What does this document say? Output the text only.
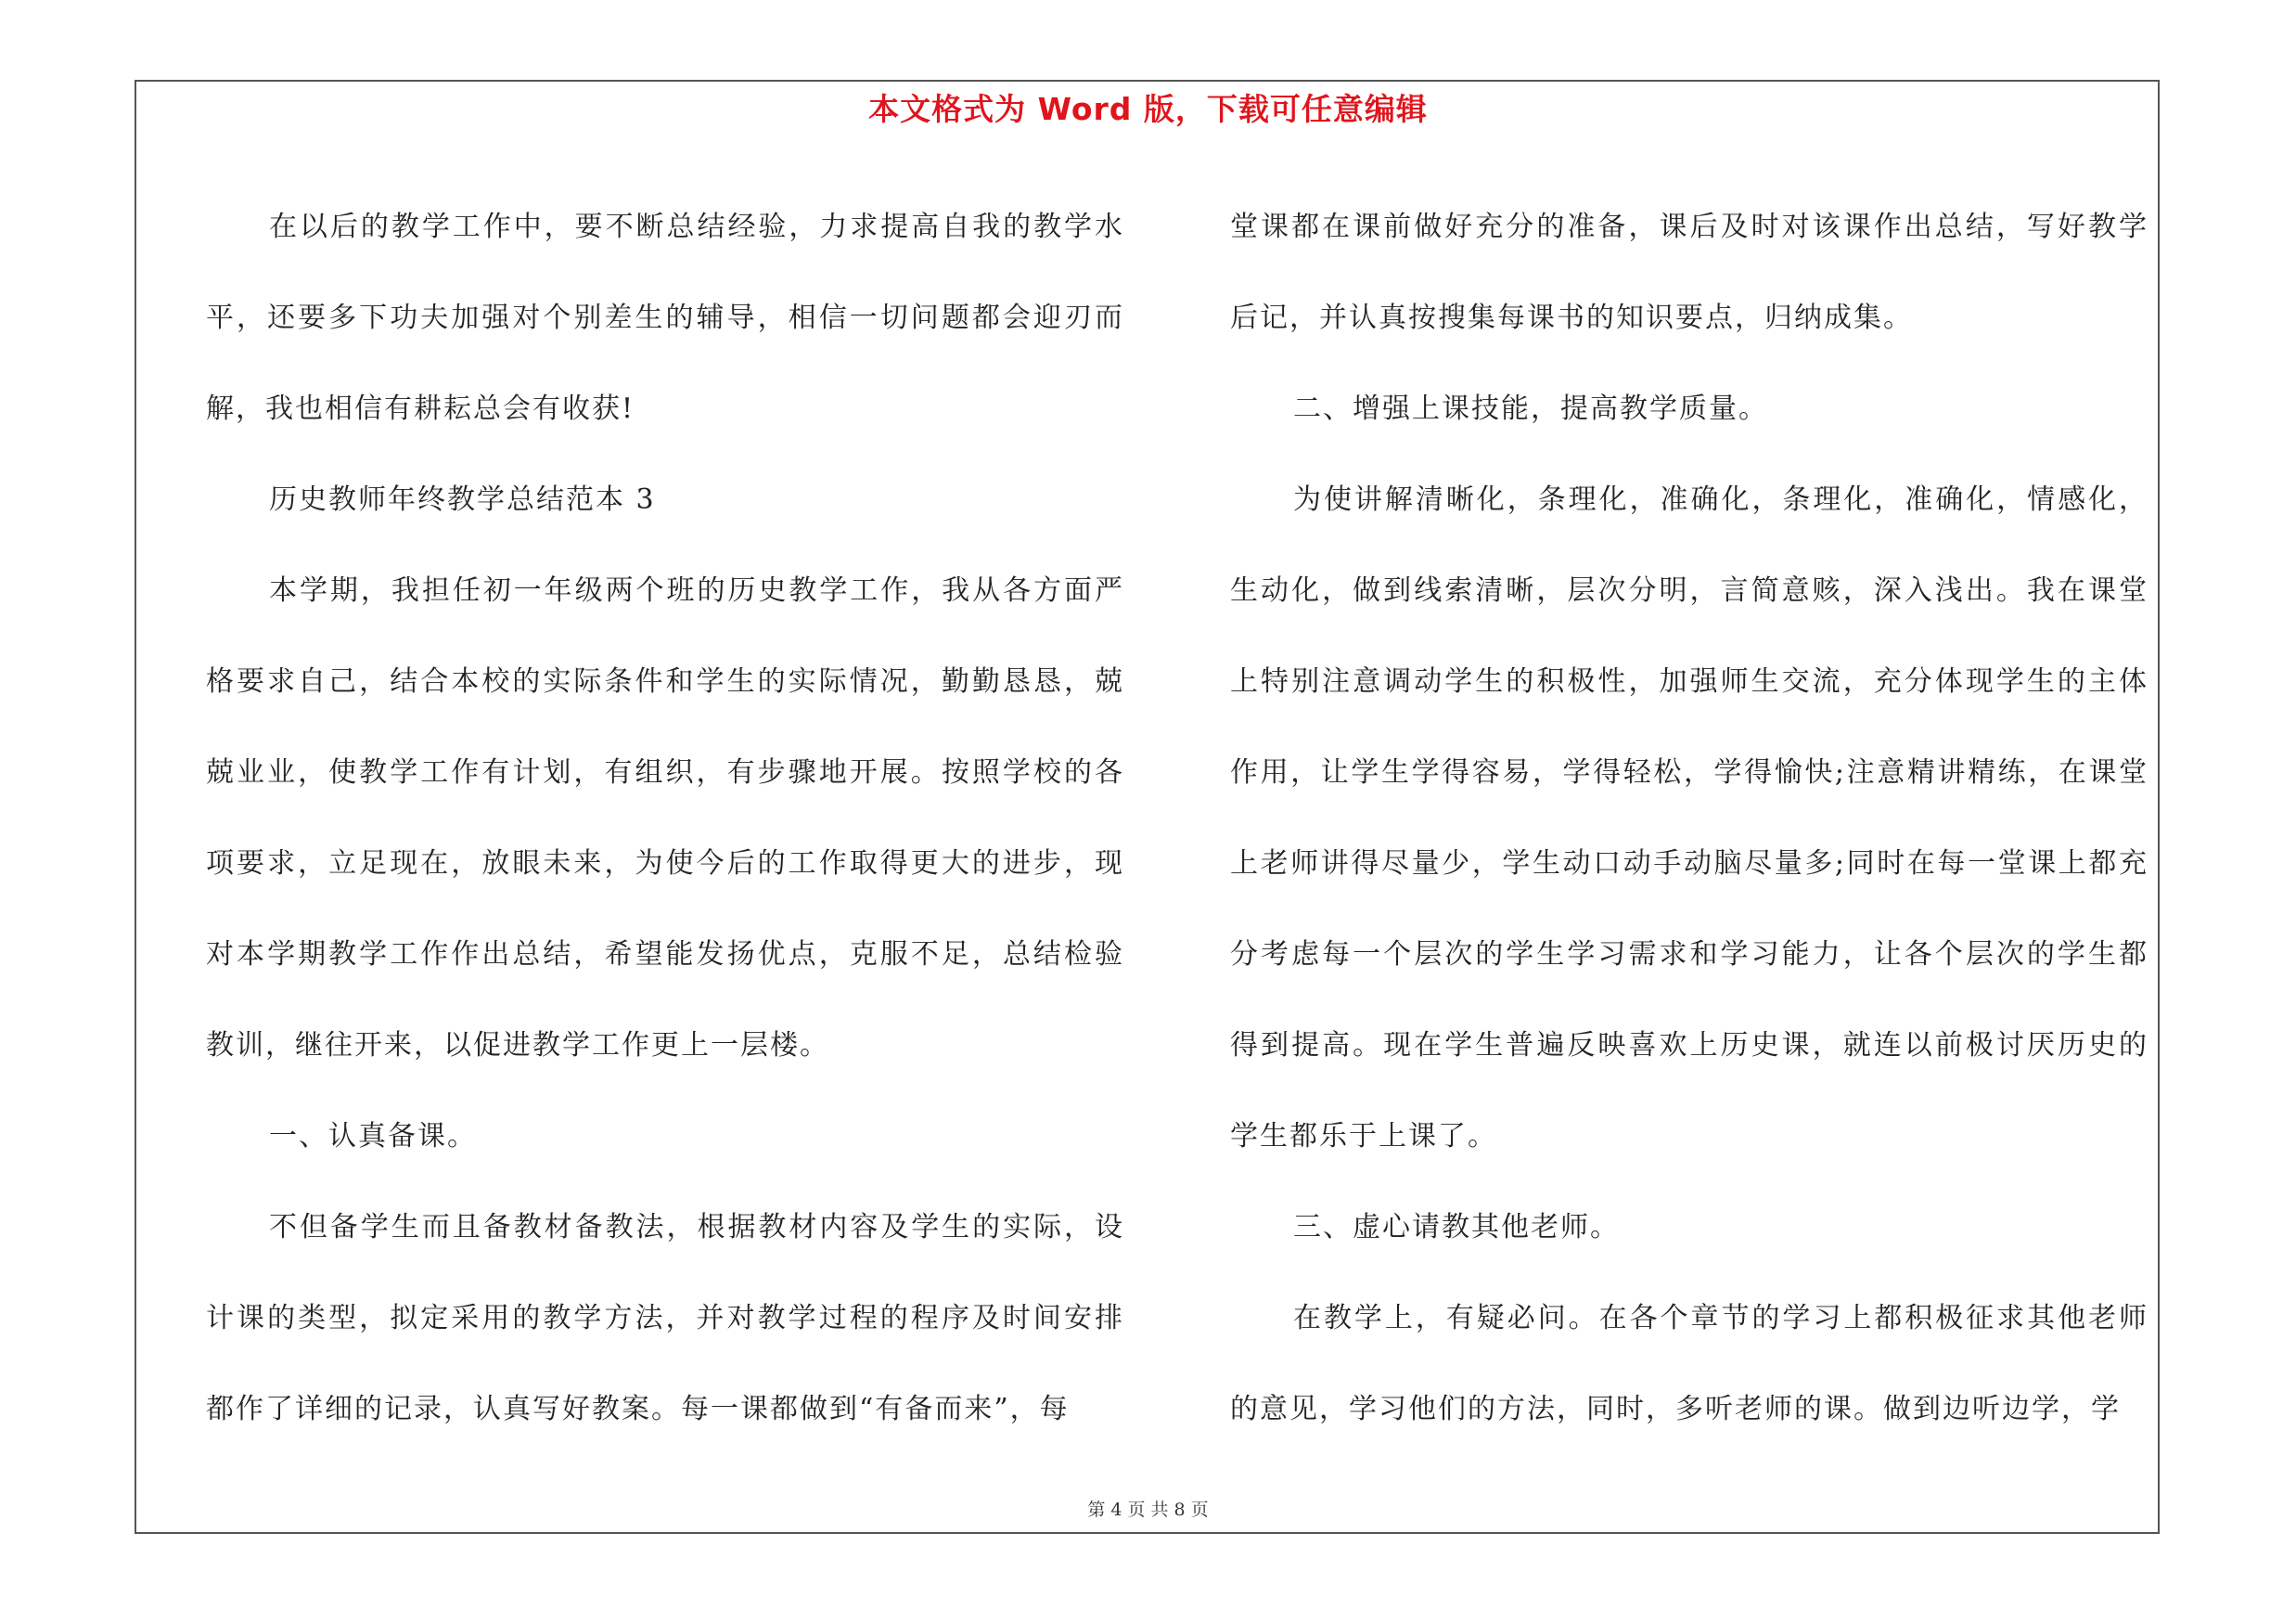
本文格式为 Word 版，下载可任意编辑

在以后的教学工作中，要不断总结经验，力求提高自我的教学水平，还要多下功夫加强对个别差生的辅导，相信一切问题都会迎刃而解，我也相信有耕耘总会有收获!

历史教师年终教学总结范本 3

本学期，我担任初一年级两个班的历史教学工作，我从各方面严格要求自己，结合本校的实际条件和学生的实际情况，勤勤恳恳，兢兢业业，使教学工作有计划，有组织，有步骤地开展。按照学校的各项要求，立足现在，放眼未来，为使今后的工作取得更大的进步，现对本学期教学工作作出总结，希望能发扬优点，克服不足，总结检验教训，继往开来，以促进教学工作更上一层楼。

一、认真备课。

不但备学生而且备教材备教法，根据教材内容及学生的实际，设计课的类型，拟定采用的教学方法，并对教学过程的程序及时间安排都作了详细的记录，认真写好教案。每一课都做到“有备而来”，每

堂课都在课前做好充分的准备，课后及时对该课作出总结，写好教学后记，并认真按搜集每课书的知识要点，归纳成集。

二、增强上课技能，提高教学质量。

为使讲解清晰化，条理化，准确化，条理化，准确化，情感化，生动化，做到线索清晰，层次分明，言简意赅，深入浅出。我在课堂上特别注意调动学生的积极性，加强师生交流，充分体现学生的主体作用，让学生学得容易，学得轻松，学得愉快;注意精讲精练，在课堂上老师讲得尽量少，学生动口动手动脑尽量多;同时在每一堂课上都充分考虑每一个层次的学生学习需求和学习能力，让各个层次的学生都得到提高。现在学生普遍反映喜欢上历史课，就连以前极讨厌历史的学生都乐于上课了。

三、虚心请教其他老师。

在教学上，有疑必问。在各个章节的学习上都积极征求其他老师的意见，学习他们的方法，同时，多听老师的课。做到边听边学，学

第 4 页 共 8 页
